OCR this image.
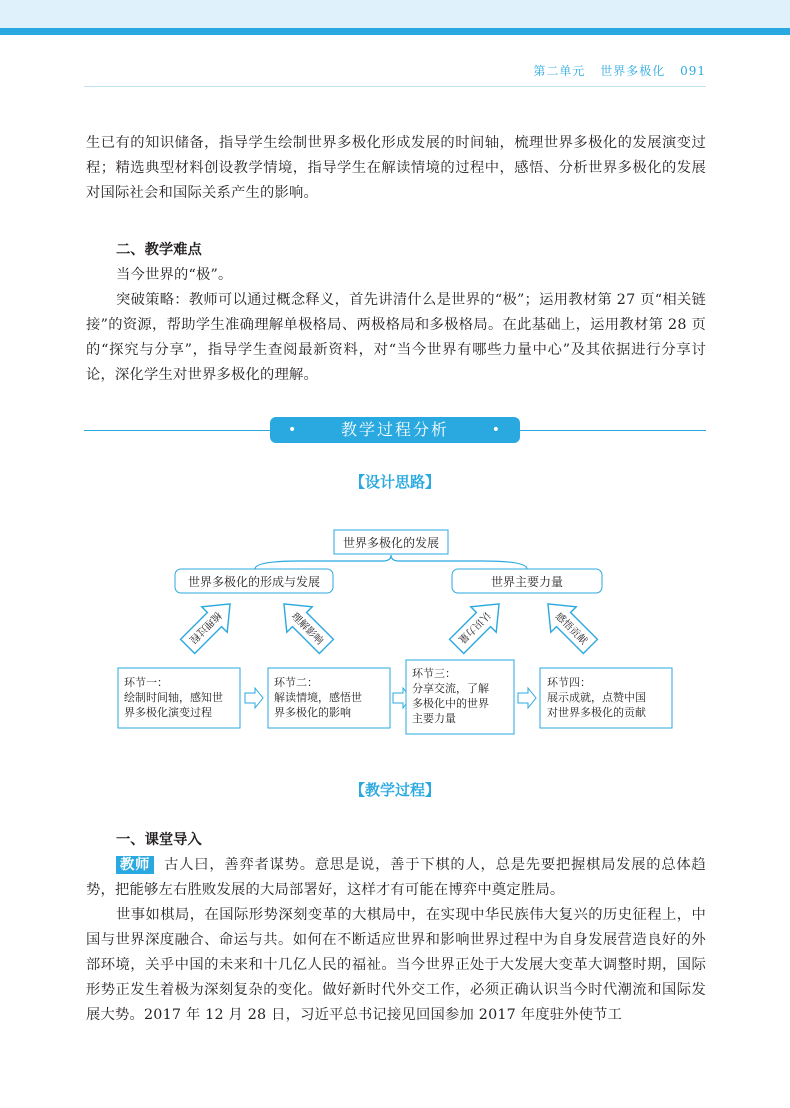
第二单元 世界多极化 091

生已有的知识储备，指导学生绘制世界多极化形成发展的时间轴，梳理世界多极化的发展演变过程；精选典型材料创设教学情境，指导学生在解读情境的过程中，感悟、分析世界多极化的发展对国际社会和国际关系产生的影响。

二、教学难点

当今世界的“极”。

突破策略：教师可以通过概念释义，首先讲清什么是世界的“极”；运用教材第 27 页“相关链接”的资源，帮助学生准确理解单极格局、两极格局和多极格局。在此基础上，运用教材第 28 页的“探究与分享”，指导学生查阅最新资料，对“当今世界有哪些力量中心”及其依据进行分享讨论，深化学生对世界多极化的理解。

•	教学过程分析	•
【设计思路】
世界多极化的发展
世界多极化的形成与发展	世界主要力量
梳理过程	理解影响	认识力量	感悟贡献
环节一：
绘制时间轴，感知世
界多极化演变过程
环节二：
解读情境，感悟世
界多极化的影响
环节三：
分享交流，了解
多极化中的世界
主要力量
环节四：
展示成就，点赞中国
对世界多极化的贡献
【教学过程】

一、课堂导入

教师 古人曰，善弈者谋势。意思是说，善于下棋的人，总是先要把握棋局发展的总体趋势，把能够左右胜败发展的大局部署好，这样才有可能在博弈中奠定胜局。

世事如棋局，在国际形势深刻变革的大棋局中，在实现中华民族伟大复兴的历史征程上，中国与世界深度融合、命运与共。如何在不断适应世界和影响世界过程中为自身发展营造良好的外部环境，关乎中国的未来和十几亿人民的福祉。当今世界正处于大发展大变革大调整时期，国际形势正发生着极为深刻复杂的变化。做好新时代外交工作，必须正确认识当今时代潮流和国际发展大势。2017 年 12 月 28 日，习近平总书记接见回国参加 2017 年度驻外使节工
